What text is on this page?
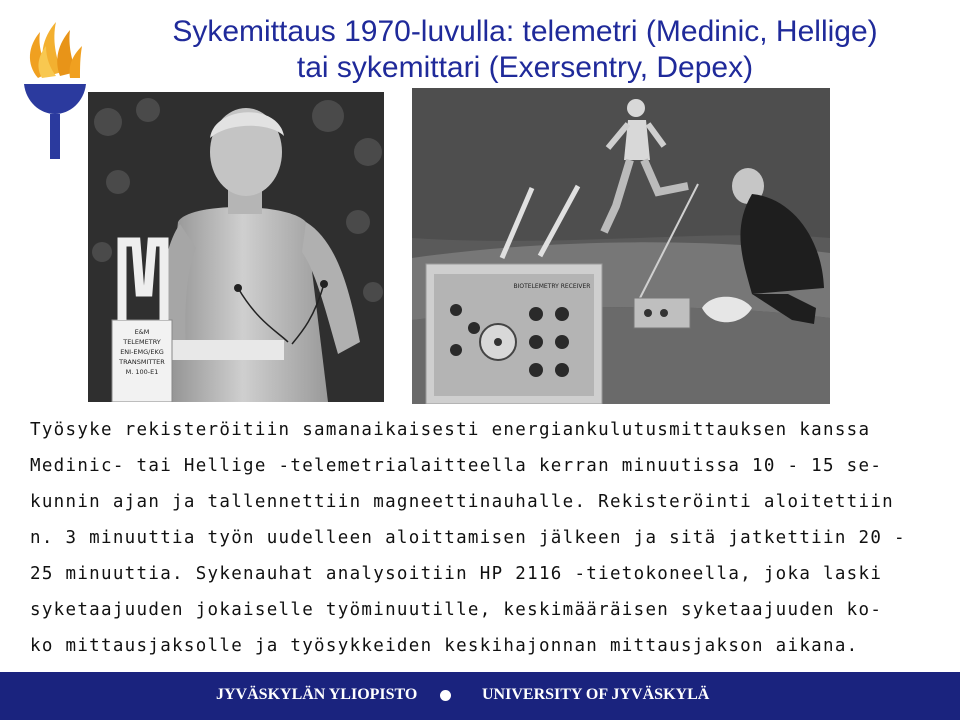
Sykemittaus 1970-luvulla: telemetri (Medinic, Hellige)
tai sykemittari (Exersentry, Depex)
E&M
TELEMETRY
ENI-EMG/EKG
TRANSMITTER
M. 100-E1
BIOTELEMETRY RECEIVER
Työsyke rekisteröitiin samanaikaisesti energiankulutusmittauksen kanssa
Medinic- tai Hellige -telemetrialaitteella kerran minuutissa 10 - 15 se-
kunnin ajan ja tallennettiin magneettinauhalle. Rekisteröinti aloitettiin
n. 3 minuuttia työn uudelleen aloittamisen jälkeen ja sitä jatkettiin 20 -
25 minuuttia. Sykenauhat analysoitiin HP 2116 -tietokoneella, joka laski
syketaajuuden jokaiselle työminuutille, keskimääräisen syketaajuuden ko-
ko mittausjaksolle ja työsykkeiden keskihajonnan mittausjakson aikana.
JYVÄSKYLÄN YLIOPISTO	UNIVERSITY OF JYVÄSKYLÄ
